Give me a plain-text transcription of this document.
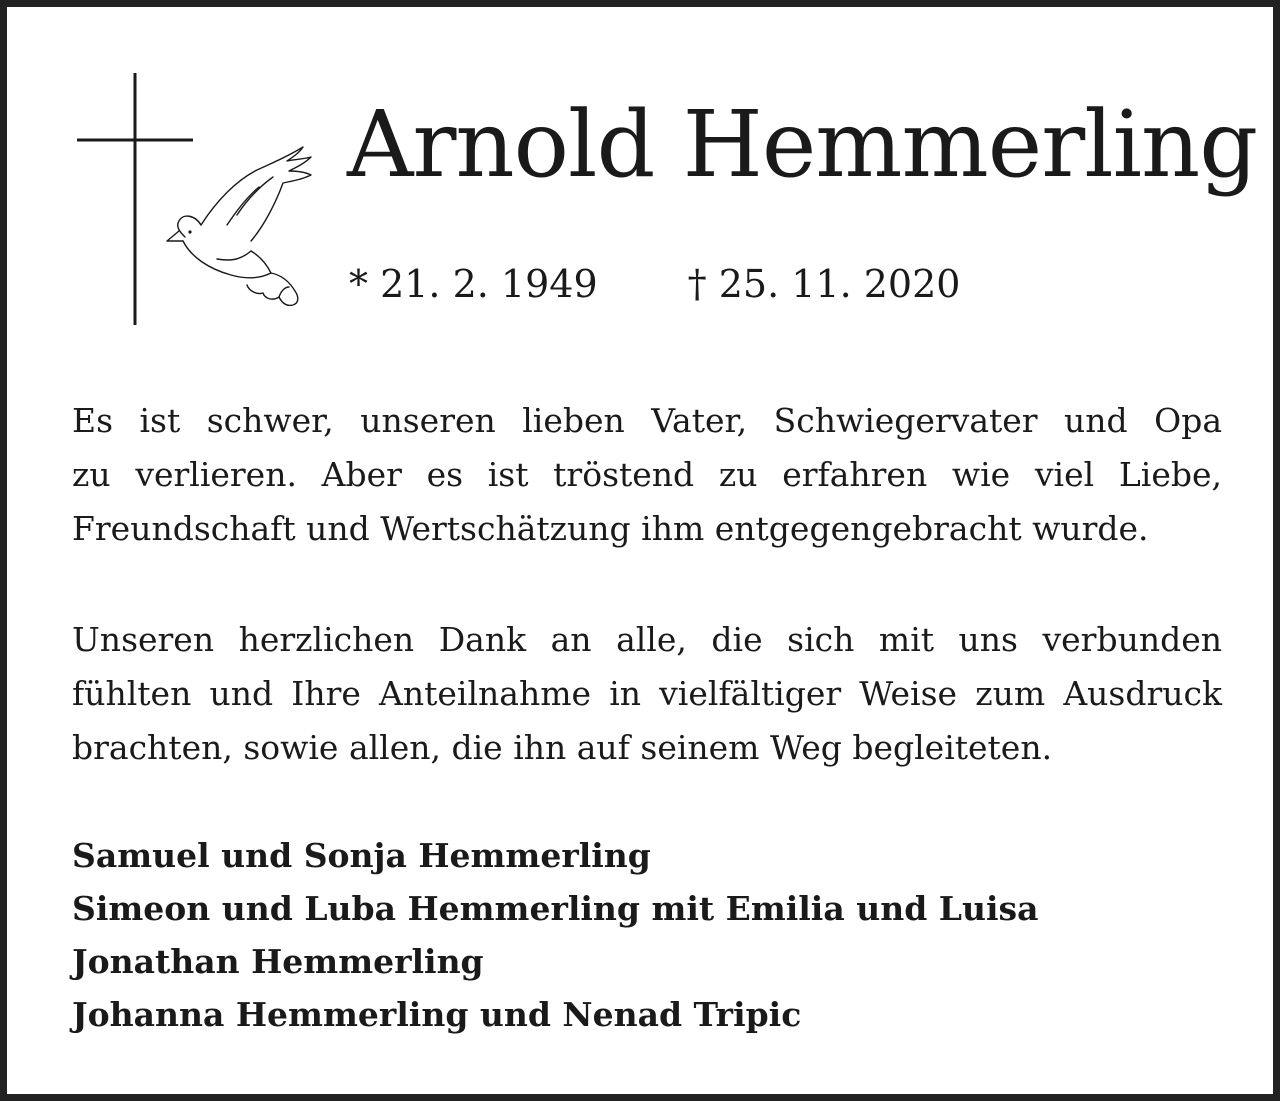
Arnold Hemmerling
* 21. 2. 1949 † 25. 11. 2020
Es ist schwer, unseren lieben Vater, Schwiegervater und Opa
zu verlieren. Aber es ist tröstend zu erfahren wie viel Liebe,
Freundschaft und Wertschätzung ihm entgegengebracht wurde.
Unseren herzlichen Dank an alle, die sich mit uns verbunden
fühlten und Ihre Anteilnahme in vielfältiger Weise zum Ausdruck
brachten, sowie allen, die ihn auf seinem Weg begleiteten.
Samuel und Sonja Hemmerling
Simeon und Luba Hemmerling mit Emilia und Luisa
Jonathan Hemmerling
Johanna Hemmerling und Nenad Tripic
